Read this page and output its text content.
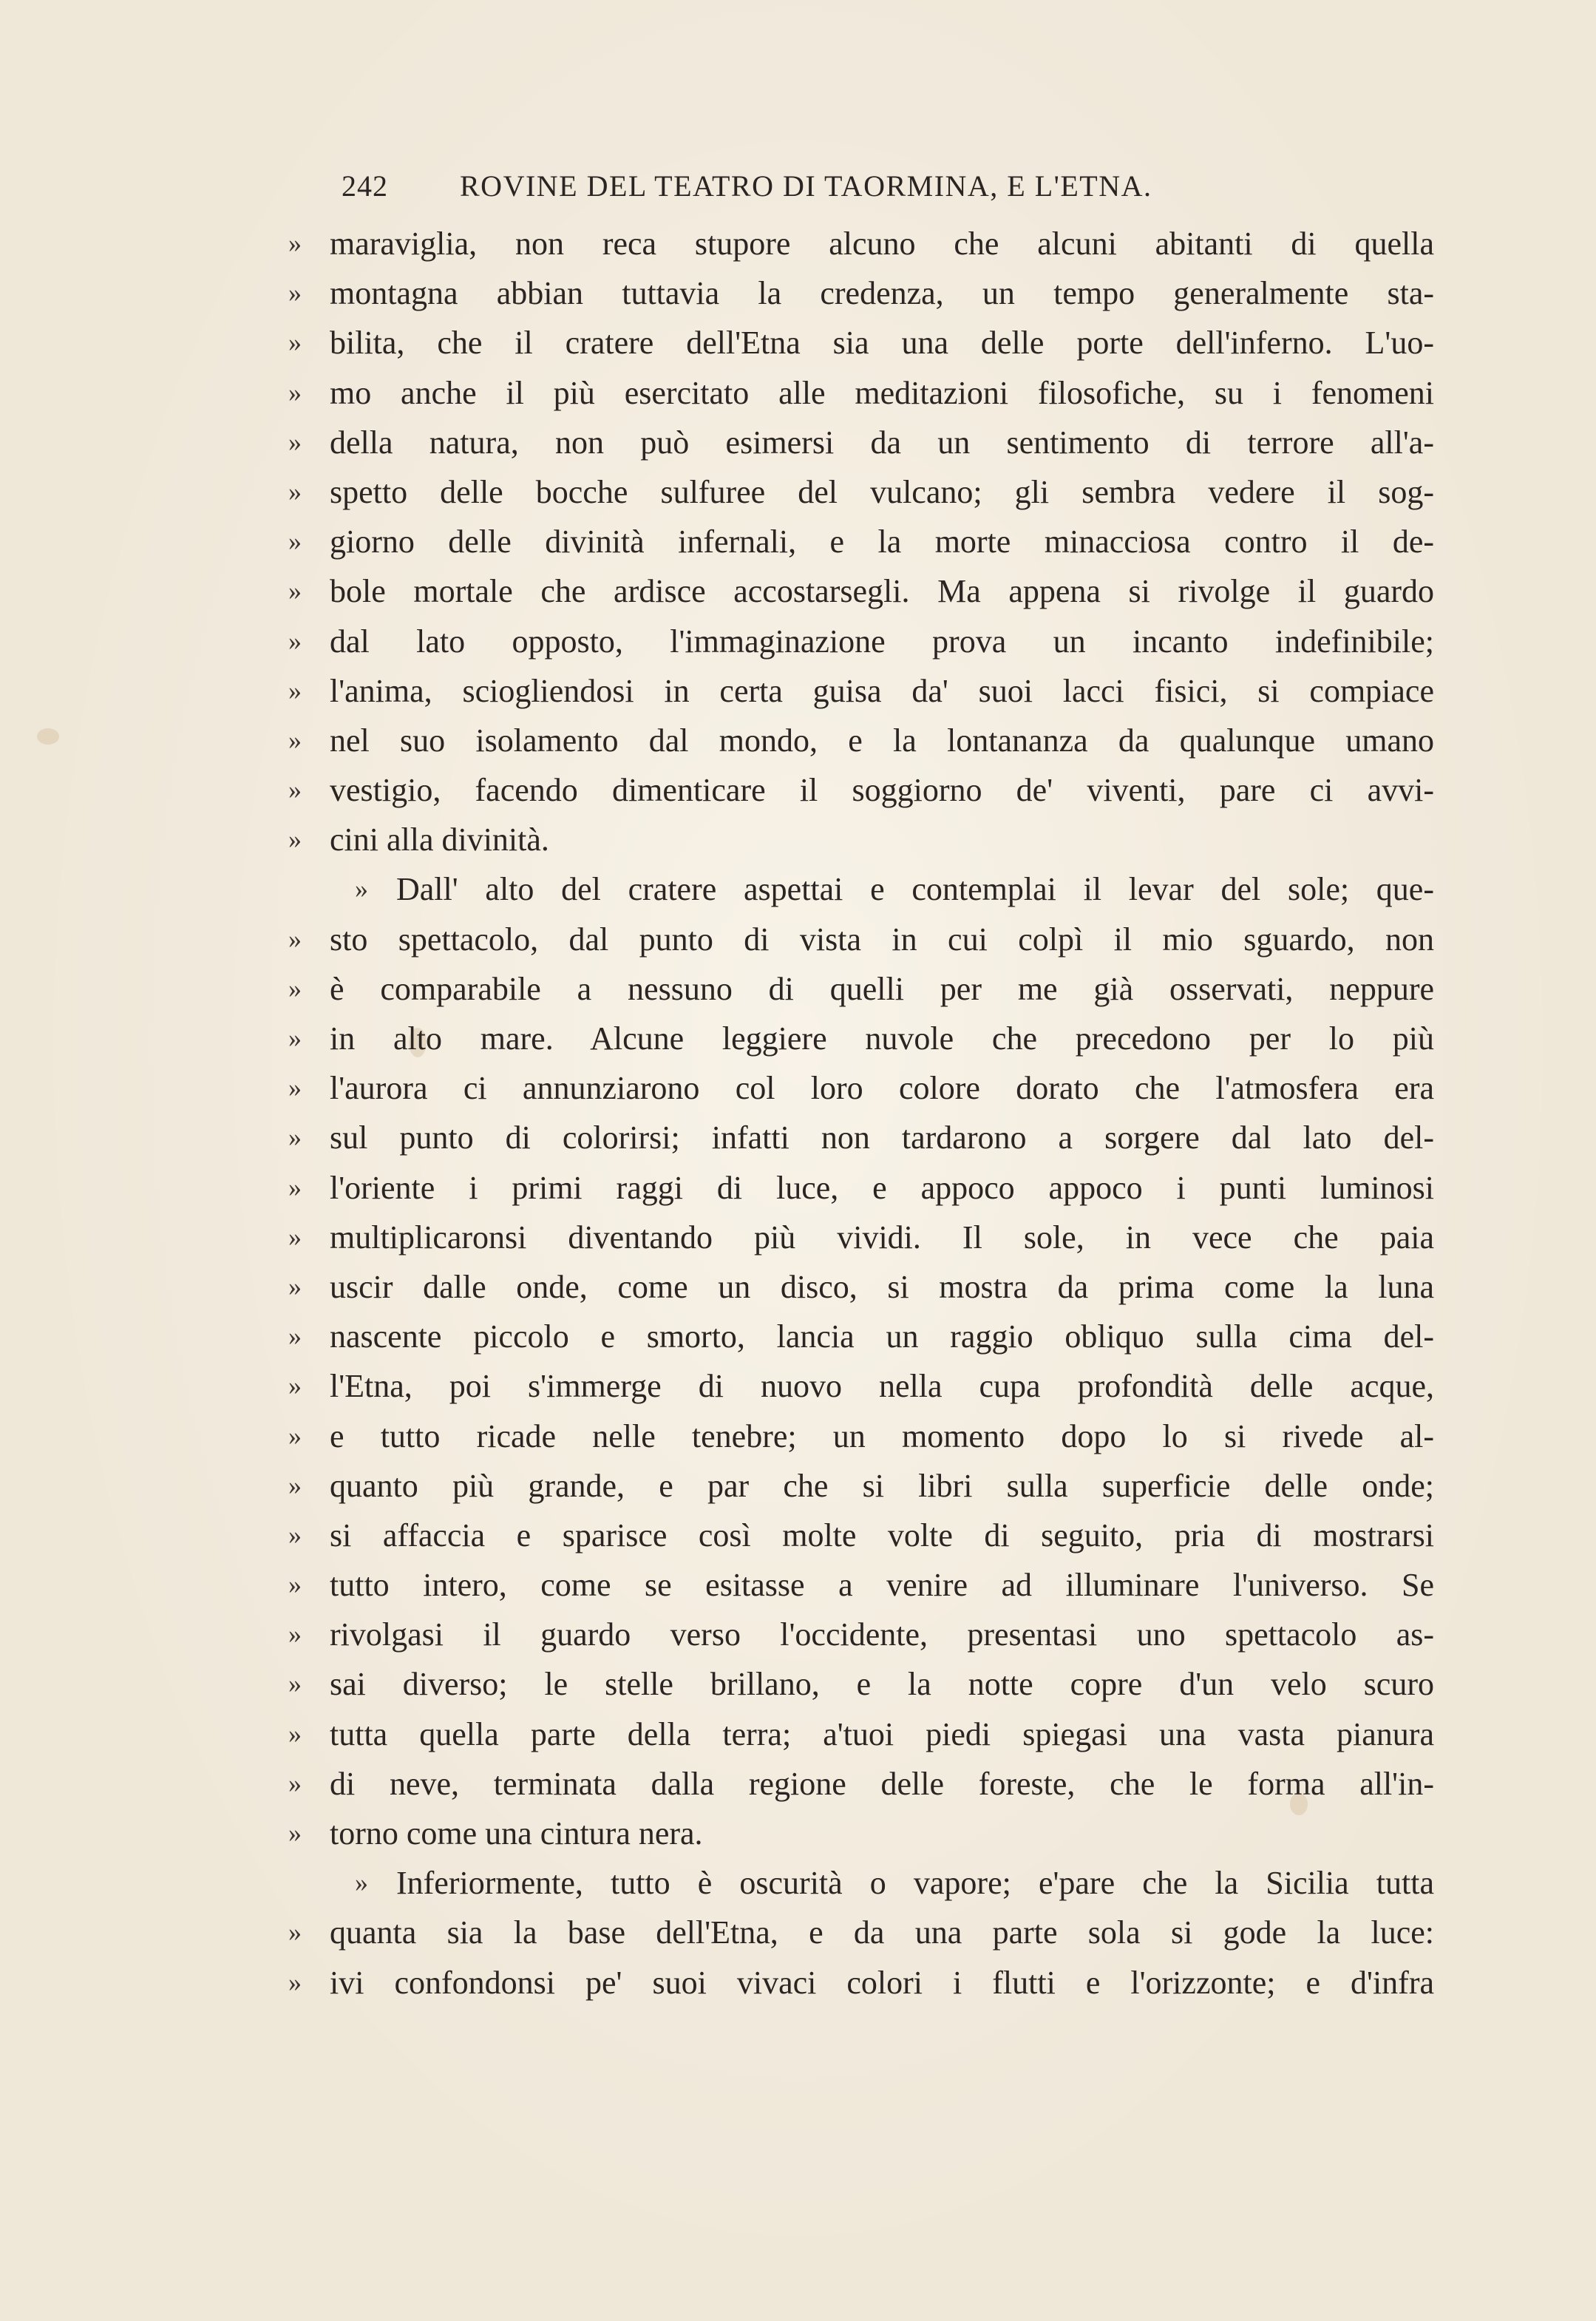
242 ROVINE DEL TEATRO DI TAORMINA, E L'ETNA.
» maraviglia, non reca stupore alcuno che alcuni abitanti di quella
» montagna abbian tuttavia la credenza, un tempo generalmente sta-
» bilita, che il cratere dell'Etna sia una delle porte dell'inferno. L'uo-
» mo anche il più esercitato alle meditazioni filosofiche, su i fenomeni
» della natura, non può esimersi da un sentimento di terrore all'a-
» spetto delle bocche sulfuree del vulcano; gli sembra vedere il sog-
» giorno delle divinità infernali, e la morte minacciosa contro il de-
» bole mortale che ardisce accostarsegli. Ma appena si rivolge il guardo
» dal lato opposto, l'immaginazione prova un incanto indefinibile;
» l'anima, sciogliendosi in certa guisa da' suoi lacci fisici, si compiace
» nel suo isolamento dal mondo, e la lontananza da qualunque umano
» vestigio, facendo dimenticare il soggiorno de' viventi, pare ci avvi-
» cini alla divinità.
» Dall' alto del cratere aspettai e contemplai il levar del sole; que-
» sto spettacolo, dal punto di vista in cui colpì il mio sguardo, non
» è comparabile a nessuno di quelli per me già osservati, neppure
» in alto mare. Alcune leggiere nuvole che precedono per lo più
» l'aurora ci annunziarono col loro colore dorato che l'atmosfera era
» sul punto di colorirsi; infatti non tardarono a sorgere dal lato del-
» l'oriente i primi raggi di luce, e appoco appoco i punti luminosi
» multiplicaronsi diventando più vividi. Il sole, in vece che paia
» uscir dalle onde, come un disco, si mostra da prima come la luna
» nascente piccolo e smorto, lancia un raggio obliquo sulla cima del-
» l'Etna, poi s'immerge di nuovo nella cupa profondità delle acque,
» e tutto ricade nelle tenebre; un momento dopo lo si rivede al-
» quanto più grande, e par che si libri sulla superficie delle onde;
» si affaccia e sparisce così molte volte di seguito, pria di mostrarsi
» tutto intero, come se esitasse a venire ad illuminare l'universo. Se
» rivolgasi il guardo verso l'occidente, presentasi uno spettacolo as-
» sai diverso; le stelle brillano, e la notte copre d'un velo scuro
» tutta quella parte della terra; a'tuoi piedi spiegasi una vasta pianura
» di neve, terminata dalla regione delle foreste, che le forma all'in-
» torno come una cintura nera.
» Inferiormente, tutto è oscurità o vapore; e'pare che la Sicilia tutta
» quanta sia la base dell'Etna, e da una parte sola si gode la luce:
» ivi confondonsi pe' suoi vivaci colori i flutti e l'orizzonte; e d'infra
